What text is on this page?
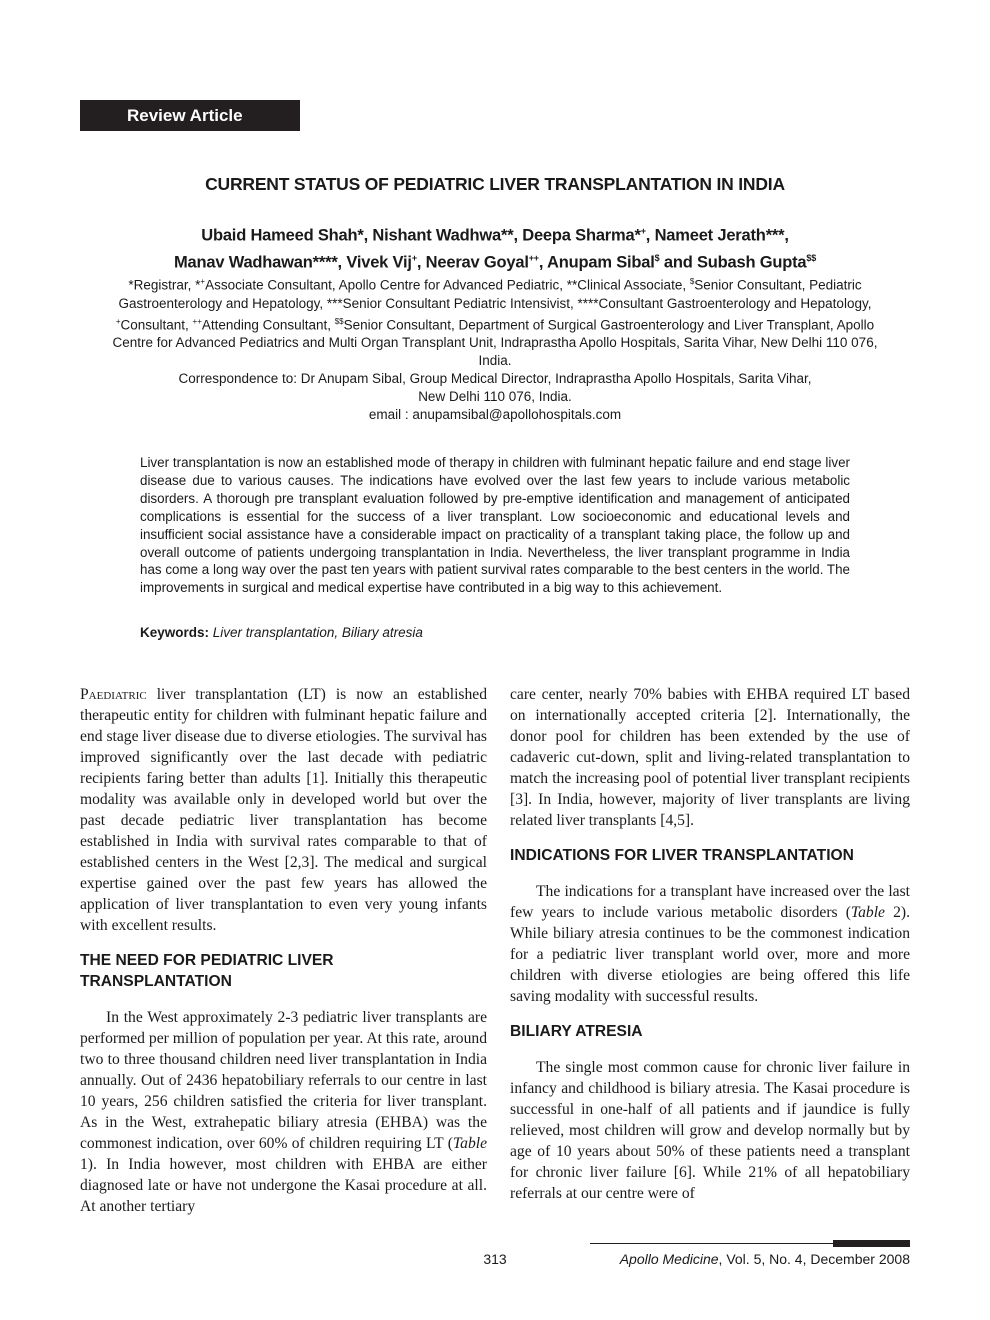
Review Article
CURRENT STATUS OF PEDIATRIC LIVER TRANSPLANTATION IN INDIA
Ubaid Hameed Shah*, Nishant Wadhwa**, Deepa Sharma*+, Nameet Jerath***,
Manav Wadhawan****, Vivek Vij+, Neerav Goyal++, Anupam Sibal$ and Subash Gupta$$
*Registrar, *+Associate Consultant, Apollo Centre for Advanced Pediatric, **Clinical Associate, $Senior Consultant, Pediatric Gastroenterology and Hepatology, ***Senior Consultant Pediatric Intensivist, ****Consultant Gastroenterology and Hepatology, +Consultant, ++Attending Consultant, $$Senior Consultant, Department of Surgical Gastroenterology and Liver Transplant, Apollo Centre for Advanced Pediatrics and Multi Organ Transplant Unit, Indraprastha Apollo Hospitals, Sarita Vihar, New Delhi 110 076, India.
Correspondence to: Dr Anupam Sibal, Group Medical Director, Indraprastha Apollo Hospitals, Sarita Vihar,
New Delhi 110 076, India.
email : anupamsibal@apollohospitals.com
Liver transplantation is now an established mode of therapy in children with fulminant hepatic failure and end stage liver disease due to various causes. The indications have evolved over the last few years to include various metabolic disorders. A thorough pre transplant evaluation followed by pre-emptive identification and management of anticipated complications is essential for the success of a liver transplant. Low socioeconomic and educational levels and insufficient social assistance have a considerable impact on practicality of a transplant taking place, the follow up and overall outcome of patients undergoing transplantation in India. Nevertheless, the liver transplant programme in India has come a long way over the past ten years with patient survival rates comparable to the best centers in the world. The improvements in surgical and medical expertise have contributed in a big way to this achievement.
Keywords: Liver transplantation, Biliary atresia

Paediatric liver transplantation (LT) is now an established therapeutic entity for children with fulminant hepatic failure and end stage liver disease due to diverse etiologies. The survival has improved significantly over the last decade with pediatric recipients faring better than adults [1]. Initially this therapeutic modality was available only in developed world but over the past decade pediatric liver transplantation has become established in India with survival rates comparable to that of established centers in the West [2,3]. The medical and surgical expertise gained over the past few years has allowed the application of liver transplantation to even very young infants with excellent results.

THE NEED FOR PEDIATRIC LIVER TRANSPLANTATION

In the West approximately 2-3 pediatric liver transplants are performed per million of population per year. At this rate, around two to three thousand children need liver transplantation in India annually. Out of 2436 hepatobiliary referrals to our centre in last 10 years, 256 children satisfied the criteria for liver transplant. As in the West, extrahepatic biliary atresia (EHBA) was the commonest indication, over 60% of children requiring LT (Table 1). In India however, most children with EHBA are either diagnosed late or have not undergone the Kasai procedure at all. At another tertiary

care center, nearly 70% babies with EHBA required LT based on internationally accepted criteria [2]. Internationally, the donor pool for children has been extended by the use of cadaveric cut-down, split and living-related transplantation to match the increasing pool of potential liver transplant recipients [3]. In India, however, majority of liver transplants are living related liver transplants [4,5].

INDICATIONS FOR LIVER TRANSPLANTATION

The indications for a transplant have increased over the last few years to include various metabolic disorders (Table 2). While biliary atresia continues to be the commonest indication for a pediatric liver transplant world over, more and more children with diverse etiologies are being offered this life saving modality with successful results.

BILIARY ATRESIA

The single most common cause for chronic liver failure in infancy and childhood is biliary atresia. The Kasai procedure is successful in one-half of all patients and if jaundice is fully relieved, most children will grow and develop normally but by age of 10 years about 50% of these patients need a transplant for chronic liver failure [6]. While 21% of all hepatobiliary referrals at our centre were of

313	Apollo Medicine, Vol. 5, No. 4, December 2008
